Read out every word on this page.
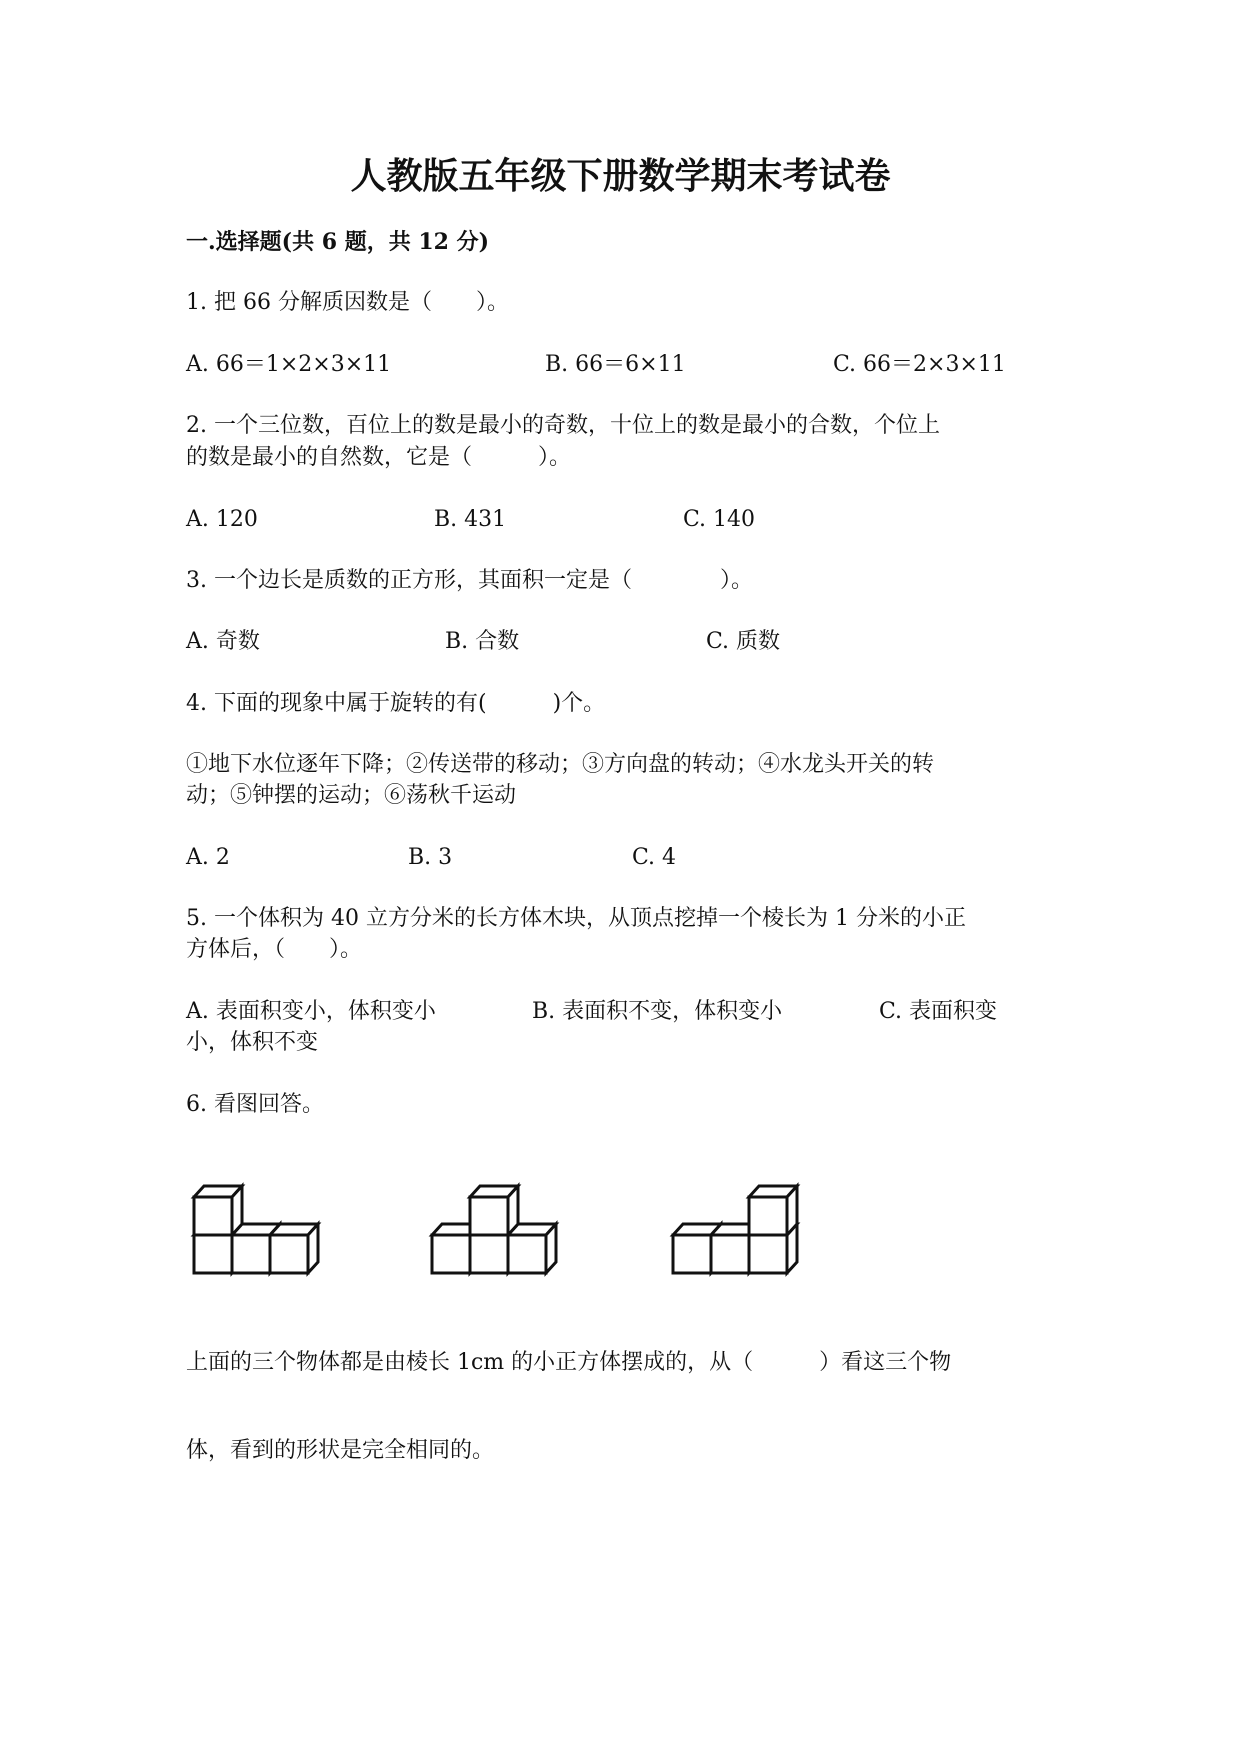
人教版五年级下册数学期末考试卷
一.选择题(共 6 题，共 12 分)
1. 把 66 分解质因数是（　　）。
A. 66＝1×2×3×11	B. 66＝6×11	C. 66＝2×3×11
2. 一个三位数，百位上的数是最小的奇数，十位上的数是最小的合数，个位上
的数是最小的自然数，它是（　　　）。
A. 120	B. 431	C. 140
3. 一个边长是质数的正方形，其面积一定是（　　　　）。
A. 奇数	B. 合数	C. 质数
4. 下面的现象中属于旋转的有(　　　)个。
①地下水位逐年下降；②传送带的移动；③方向盘的转动；④水龙头开关的转
动；⑤钟摆的运动；⑥荡秋千运动
A. 2	B. 3	C. 4
5. 一个体积为 40 立方分米的长方体木块，从顶点挖掉一个棱长为 1 分米的小正
方体后，（　　）。
A. 表面积变小，体积变小	B. 表面积不变，体积变小	C. 表面积变
小，体积不变
6. 看图回答。
上面的三个物体都是由棱长 1cm 的小正方体摆成的，从（　　　）看这三个物
体，看到的形状是完全相同的。
